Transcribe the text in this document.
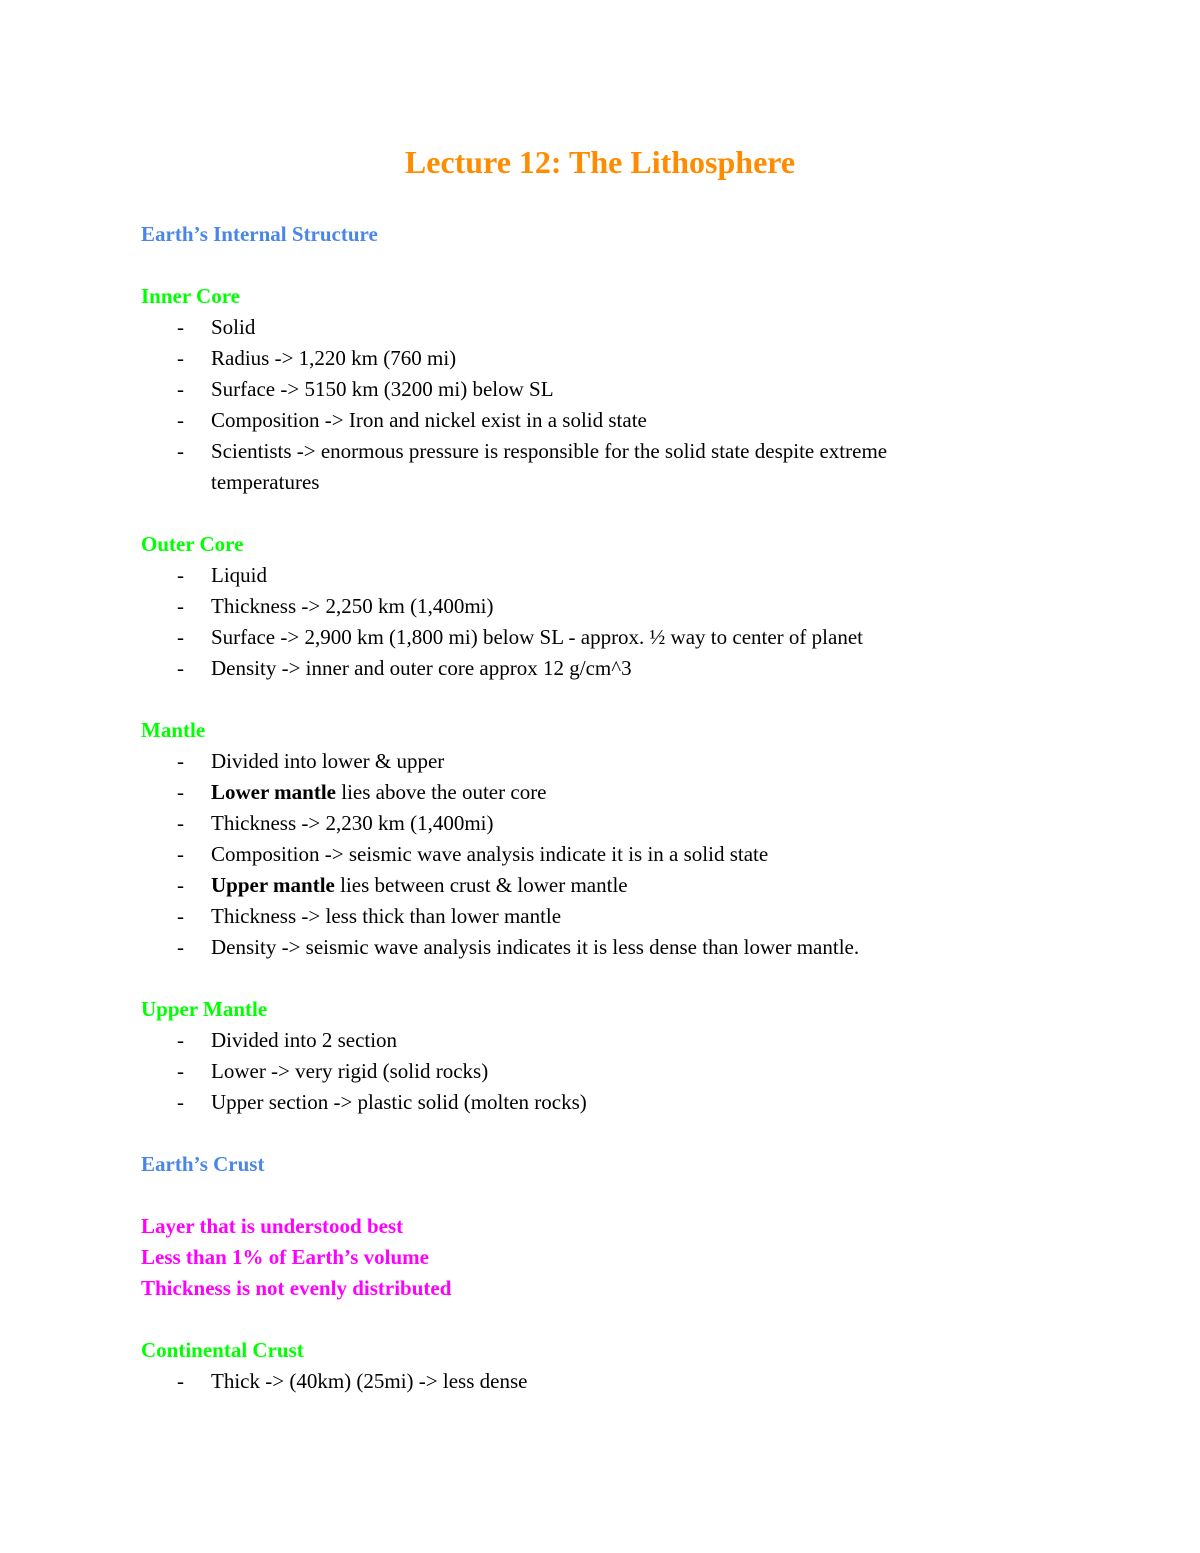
Lecture 12: The Lithosphere
Earth’s Internal Structure
Inner Core
- Solid
- Radius -> 1,220 km (760 mi)
- Surface -> 5150 km (3200 mi) below SL
- Composition -> Iron and nickel exist in a solid state
- Scientists -> enormous pressure is responsible for the solid state despite extreme temperatures
Outer Core
- Liquid
- Thickness -> 2,250 km (1,400mi)
- Surface -> 2,900 km (1,800 mi) below SL - approx. ½ way to center of planet
- Density -> inner and outer core approx 12 g/cm^3
Mantle
- Divided into lower & upper
- Lower mantle lies above the outer core
- Thickness -> 2,230 km (1,400mi)
- Composition -> seismic wave analysis indicate it is in a solid state
- Upper mantle lies between crust & lower mantle
- Thickness -> less thick than lower mantle
- Density -> seismic wave analysis indicates it is less dense than lower mantle.
Upper Mantle
- Divided into 2 section
- Lower -> very rigid (solid rocks)
- Upper section -> plastic solid (molten rocks)
Earth’s Crust
Layer that is understood best
Less than 1% of Earth’s volume
Thickness is not evenly distributed
Continental Crust
- Thick -> (40km) (25mi) -> less dense
